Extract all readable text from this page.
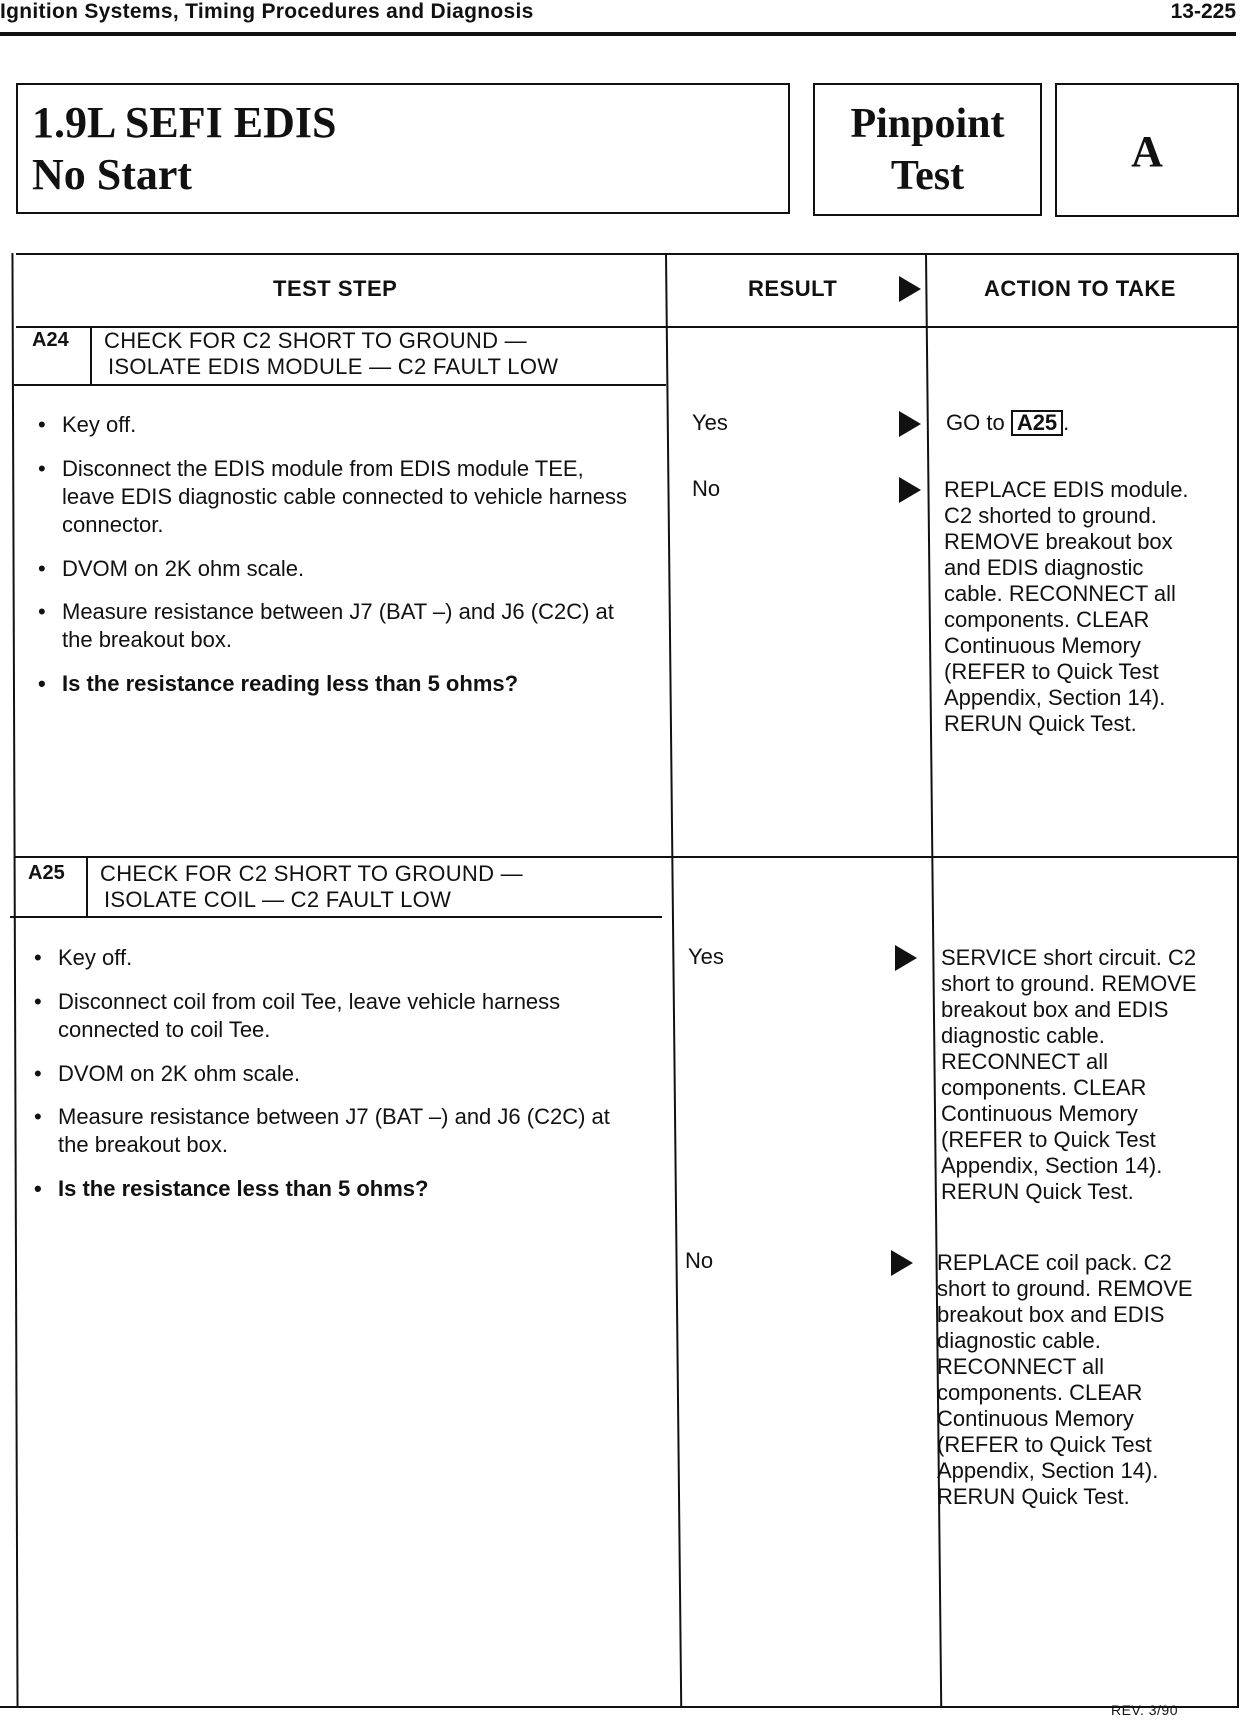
Ignition Systems, Timing Procedures and Diagnosis	13-225
1.9L SEFI EDIS
No Start
Pinpoint
Test	A
TEST STEP	RESULT	ACTION TO TAKE
A24 CHECK FOR C2 SHORT TO GROUND —
ISOLATE EDIS MODULE — C2 FAULT LOW
• Key off.
• Disconnect the EDIS module from EDIS module TEE, leave EDIS diagnostic cable connected to vehicle harness connector.
• DVOM on 2K ohm scale.
• Measure resistance between J7 (BAT –) and J6 (C2C) at the breakout box.
• Is the resistance reading less than 5 ohms?
Yes	GO to A25 .
No	REPLACE EDIS module. C2 shorted to ground. REMOVE breakout box and EDIS diagnostic cable. RECONNECT all components. CLEAR Continuous Memory (REFER to Quick Test Appendix, Section 14). RERUN Quick Test.
A25 CHECK FOR C2 SHORT TO GROUND —
ISOLATE COIL — C2 FAULT LOW
• Key off.
• Disconnect coil from coil Tee, leave vehicle harness connected to coil Tee.
• DVOM on 2K ohm scale.
• Measure resistance between J7 (BAT –) and J6 (C2C) at the breakout box.
• Is the resistance less than 5 ohms?
Yes	SERVICE short circuit. C2 short to ground. REMOVE breakout box and EDIS diagnostic cable. RECONNECT all components. CLEAR Continuous Memory (REFER to Quick Test Appendix, Section 14). RERUN Quick Test.
No	REPLACE coil pack. C2 short to ground. REMOVE breakout box and EDIS diagnostic cable. RECONNECT all components. CLEAR Continuous Memory (REFER to Quick Test Appendix, Section 14). RERUN Quick Test.
REV. 3/90
